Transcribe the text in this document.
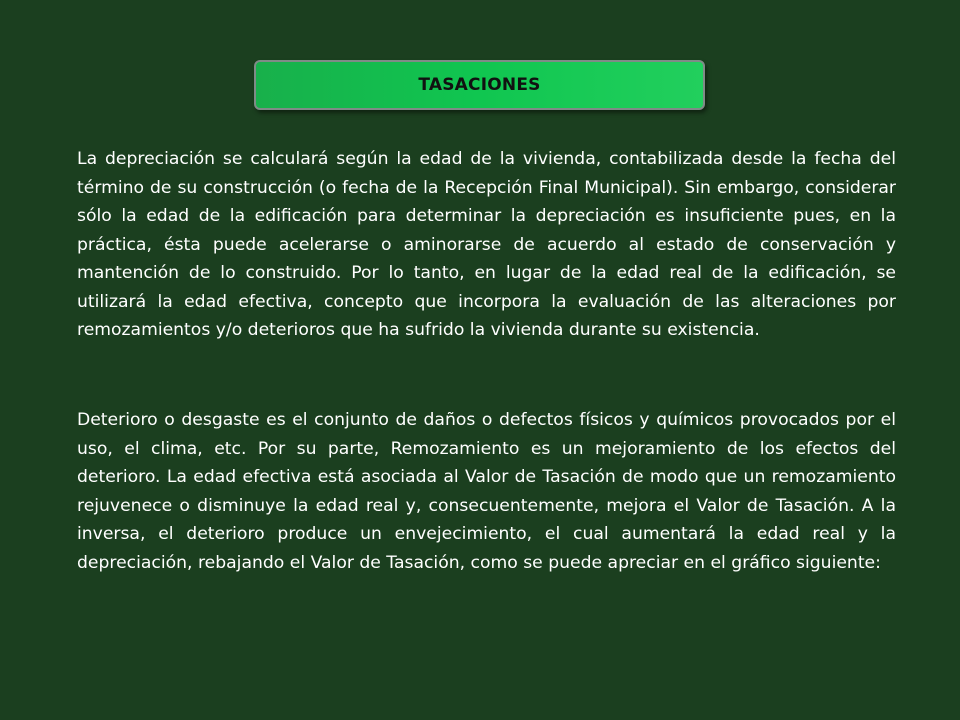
TASACIONES

La depreciación se calculará según la edad de la vivienda, contabilizada desde la fecha del término de su construcción (o fecha de la Recepción Final Municipal). Sin embargo, considerar sólo la edad de la edificación para determinar la depreciación es insuficiente pues, en la práctica, ésta puede acelerarse o aminorarse de acuerdo al estado de conservación y mantención de lo construido. Por lo tanto, en lugar de la edad real de la edificación, se utilizará la edad efectiva, concepto que incorpora la evaluación de las alteraciones por remozamientos y/o deterioros que ha sufrido la vivienda durante su existencia.

Deterioro o desgaste es el conjunto de daños o defectos físicos y químicos provocados por el uso, el clima, etc. Por su parte, Remozamiento es un mejoramiento de los efectos del deterioro. La edad efectiva está asociada al Valor de Tasación de modo que un remozamiento rejuvenece o disminuye la edad real y, consecuentemente, mejora el Valor de Tasación. A la inversa, el deterioro produce un envejecimiento, el cual aumentará la edad real y la depreciación, rebajando el Valor de Tasación, como se puede apreciar en el gráfico siguiente:
